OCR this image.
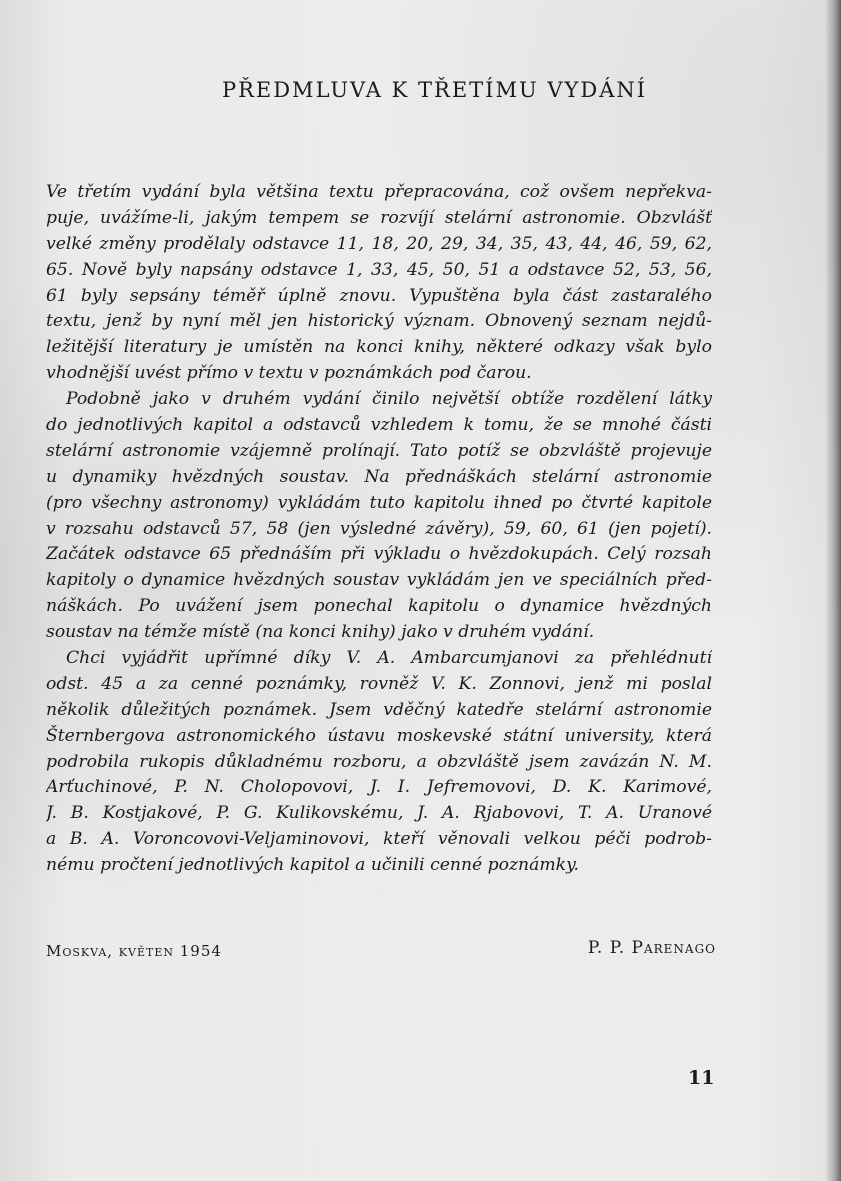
PŘEDMLUVA K TŘETÍMU VYDÁNÍ
Ve třetím vydání byla většina textu přepracována, což ovšem nepřekva-
puje, uvážíme-li, jakým tempem se rozvíjí stelární astronomie. Obzvlášť
velké změny prodělaly odstavce 11, 18, 20, 29, 34, 35, 43, 44, 46, 59, 62,
65. Nově byly napsány odstavce 1, 33, 45, 50, 51 a odstavce 52, 53, 56,
61 byly sepsány téměř úplně znovu. Vypuštěna byla část zastaralého
textu, jenž by nyní měl jen historický význam. Obnovený seznam nejdů-
ležitější literatury je umístěn na konci knihy, některé odkazy však bylo
vhodnější uvést přímo v textu v poznámkách pod čarou.
Podobně jako v druhém vydání činilo největší obtíže rozdělení látky
do jednotlivých kapitol a odstavců vzhledem k tomu, že se mnohé části
stelární astronomie vzájemně prolínají. Tato potíž se obzvláště projevuje
u dynamiky hvězdných soustav. Na přednáškách stelární astronomie
(pro všechny astronomy) vykládám tuto kapitolu ihned po čtvrté kapitole
v rozsahu odstavců 57, 58 (jen výsledné závěry), 59, 60, 61 (jen pojetí).
Začátek odstavce 65 přednáším při výkladu o hvězdokupách. Celý rozsah
kapitoly o dynamice hvězdných soustav vykládám jen ve speciálních před-
náškách. Po uvážení jsem ponechal kapitolu o dynamice hvězdných
soustav na témže místě (na konci knihy) jako v druhém vydání.
Chci vyjádřit upřímné díky V. A. Ambarcumjanovi za přehlédnutí
odst. 45 a za cenné poznámky, rovněž V. K. Zonnovi, jenž mi poslal
několik důležitých poznámek. Jsem vděčný katedře stelární astronomie
Šternbergova astronomického ústavu moskevské státní university, která
podrobila rukopis důkladnému rozboru, a obzvláště jsem zavázán N. M.
Arťuchinové, P. N. Cholopovovi, J. I. Jefremovovi, D. K. Karimové,
J. B. Kostjakové, P. G. Kulikovskému, J. A. Rjabovovi, T. A. Uranové
a B. A. Voroncovovi-Veljaminovovi, kteří věnovali velkou péči podrob-
nému pročtení jednotlivých kapitol a učinili cenné poznámky.
Moskva, květen 1954	P. P. Parenago
11
